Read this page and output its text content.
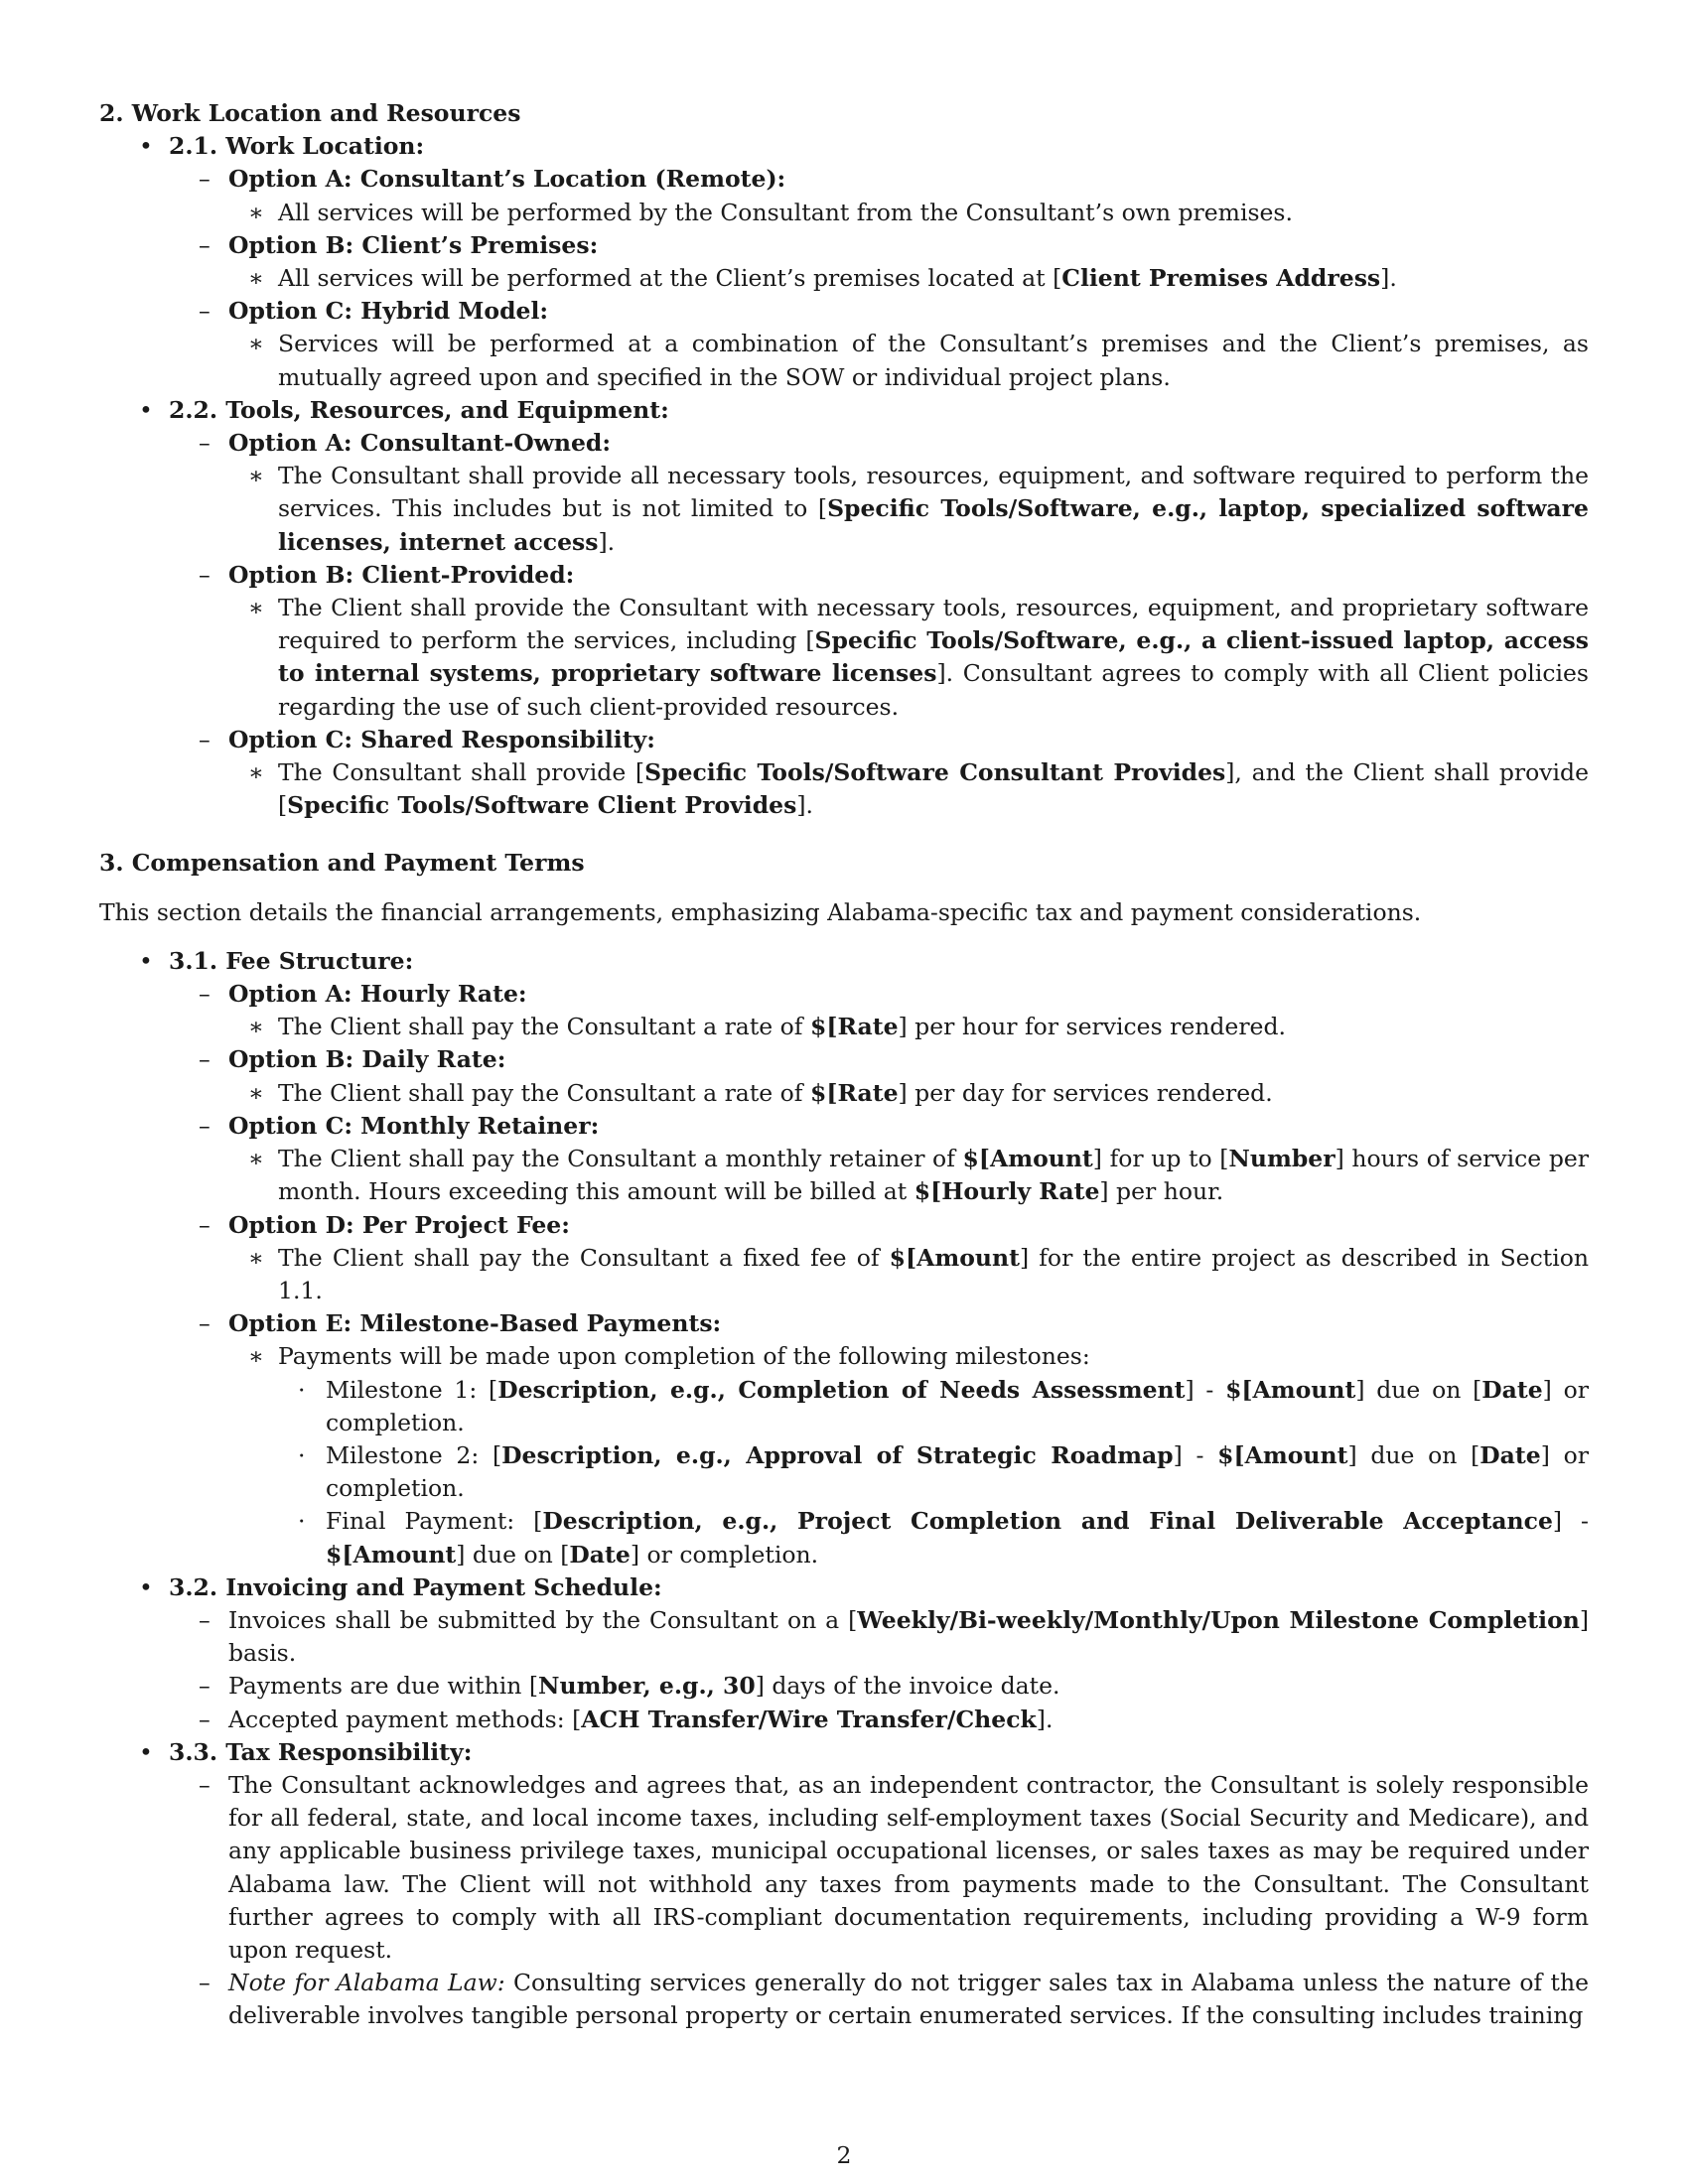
2. Work Location and Resources

• 2.1. Work Location:
– Option A: Consultant’s Location (Remote):
∗ All services will be performed by the Consultant from the Consultant’s own premises.
– Option B: Client’s Premises:
∗ All services will be performed at the Client’s premises located at [Client Premises Address].
– Option C: Hybrid Model:
∗ Services will be performed at a combination of the Consultant’s premises and the Client’s premises, as mutually agreed upon and specified in the SOW or individual project plans.
• 2.2. Tools, Resources, and Equipment:
– Option A: Consultant-Owned:
∗ The Consultant shall provide all necessary tools, resources, equipment, and software required to perform the services. This includes but is not limited to [Specific Tools/Software, e.g., laptop, specialized software licenses, internet access].
– Option B: Client-Provided:
∗ The Client shall provide the Consultant with necessary tools, resources, equipment, and proprietary software required to perform the services, including [Specific Tools/Software, e.g., a client-issued laptop, access to internal systems, proprietary software licenses]. Consultant agrees to comply with all Client policies regarding the use of such client-provided resources.
– Option C: Shared Responsibility:
∗ The Consultant shall provide [Specific Tools/Software Consultant Provides], and the Client shall provide [Specific Tools/Software Client Provides].

3. Compensation and Payment Terms

This section details the financial arrangements, emphasizing Alabama-specific tax and payment considerations.

• 3.1. Fee Structure:
– Option A: Hourly Rate:
∗ The Client shall pay the Consultant a rate of $[Rate] per hour for services rendered.
– Option B: Daily Rate:
∗ The Client shall pay the Consultant a rate of $[Rate] per day for services rendered.
– Option C: Monthly Retainer:
∗ The Client shall pay the Consultant a monthly retainer of $[Amount] for up to [Number] hours of service per month. Hours exceeding this amount will be billed at $[Hourly Rate] per hour.
– Option D: Per Project Fee:
∗ The Client shall pay the Consultant a fixed fee of $[Amount] for the entire project as described in Section 1.1.
– Option E: Milestone-Based Payments:
∗ Payments will be made upon completion of the following milestones:
· Milestone 1: [Description, e.g., Completion of Needs Assessment] - $[Amount] due on [Date] or completion.
· Milestone 2: [Description, e.g., Approval of Strategic Roadmap] - $[Amount] due on [Date] or completion.
· Final Payment: [Description, e.g., Project Completion and Final Deliverable Acceptance] - $[Amount] due on [Date] or completion.
• 3.2. Invoicing and Payment Schedule:
– Invoices shall be submitted by the Consultant on a [Weekly/Bi-weekly/Monthly/Upon Milestone Completion] basis.
– Payments are due within [Number, e.g., 30] days of the invoice date.
– Accepted payment methods: [ACH Transfer/Wire Transfer/Check].
• 3.3. Tax Responsibility:
– The Consultant acknowledges and agrees that, as an independent contractor, the Consultant is solely responsible for all federal, state, and local income taxes, including self-employment taxes (Social Security and Medicare), and any applicable business privilege taxes, municipal occupational licenses, or sales taxes as may be required under Alabama law. The Client will not withhold any taxes from payments made to the Consultant. The Consultant further agrees to comply with all IRS-compliant documentation requirements, including providing a W-9 form upon request.
– Note for Alabama Law: Consulting services generally do not trigger sales tax in Alabama unless the nature of the deliverable involves tangible personal property or certain enumerated services. If the consulting includes training
2
